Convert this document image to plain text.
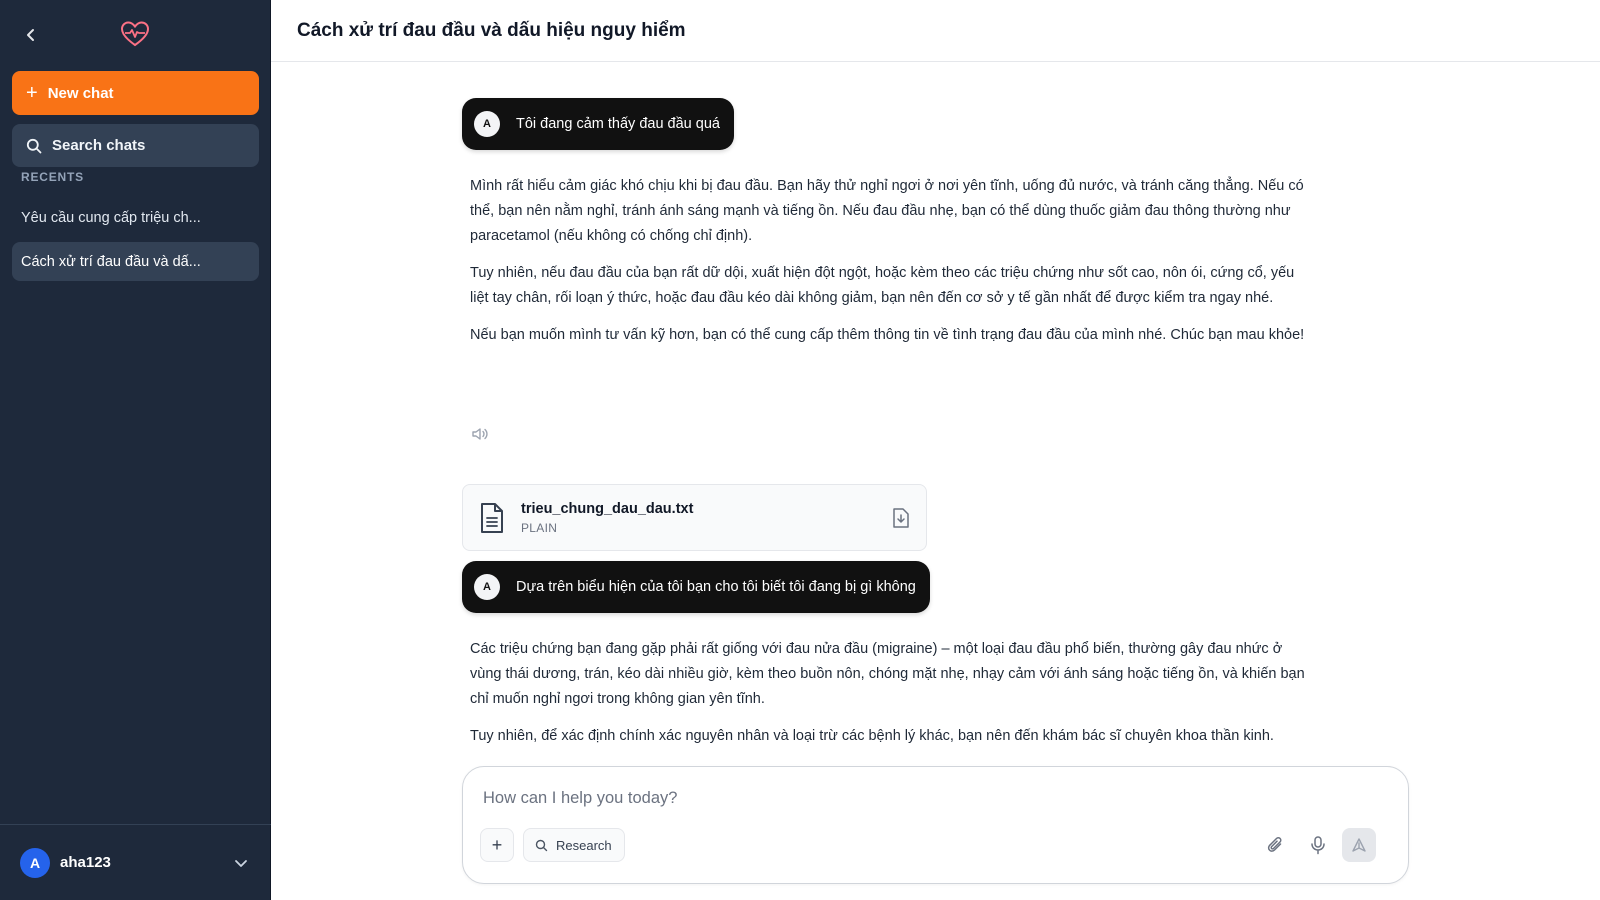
+ New chat
Search chats
RECENTS
Yêu cầu cung cấp triệu ch...
Cách xử trí đau đầu và dấ...
A	aha123
Cách xử trí đau đầu và dấu hiệu nguy hiểm
A	Tôi đang cảm thấy đau đầu quá

Mình rất hiểu cảm giác khó chịu khi bị đau đầu. Bạn hãy thử nghỉ ngơi ở nơi yên tĩnh, uống đủ nước, và tránh căng thẳng. Nếu có thể, bạn nên nằm nghỉ, tránh ánh sáng mạnh và tiếng ồn. Nếu đau đầu nhẹ, bạn có thể dùng thuốc giảm đau thông thường như paracetamol (nếu không có chống chỉ định).

Tuy nhiên, nếu đau đầu của bạn rất dữ dội, xuất hiện đột ngột, hoặc kèm theo các triệu chứng như sốt cao, nôn ói, cứng cổ, yếu liệt tay chân, rối loạn ý thức, hoặc đau đầu kéo dài không giảm, bạn nên đến cơ sở y tế gần nhất để được kiểm tra ngay nhé.

Nếu bạn muốn mình tư vấn kỹ hơn, bạn có thể cung cấp thêm thông tin về tình trạng đau đầu của mình nhé. Chúc bạn mau khỏe!

trieu_chung_dau_dau.txt
PLAIN
A	Dựa trên biểu hiện của tôi bạn cho tôi biết tôi đang bị gì không

Các triệu chứng bạn đang gặp phải rất giống với đau nửa đầu (migraine) – một loại đau đầu phổ biến, thường gây đau nhức ở vùng thái dương, trán, kéo dài nhiều giờ, kèm theo buồn nôn, chóng mặt nhẹ, nhạy cảm với ánh sáng hoặc tiếng ồn, và khiến bạn chỉ muốn nghỉ ngơi trong không gian yên tĩnh.

Tuy nhiên, để xác định chính xác nguyên nhân và loại trừ các bệnh lý khác, bạn nên đến khám bác sĩ chuyên khoa thần kinh.

How can I help you today?
+	Research
